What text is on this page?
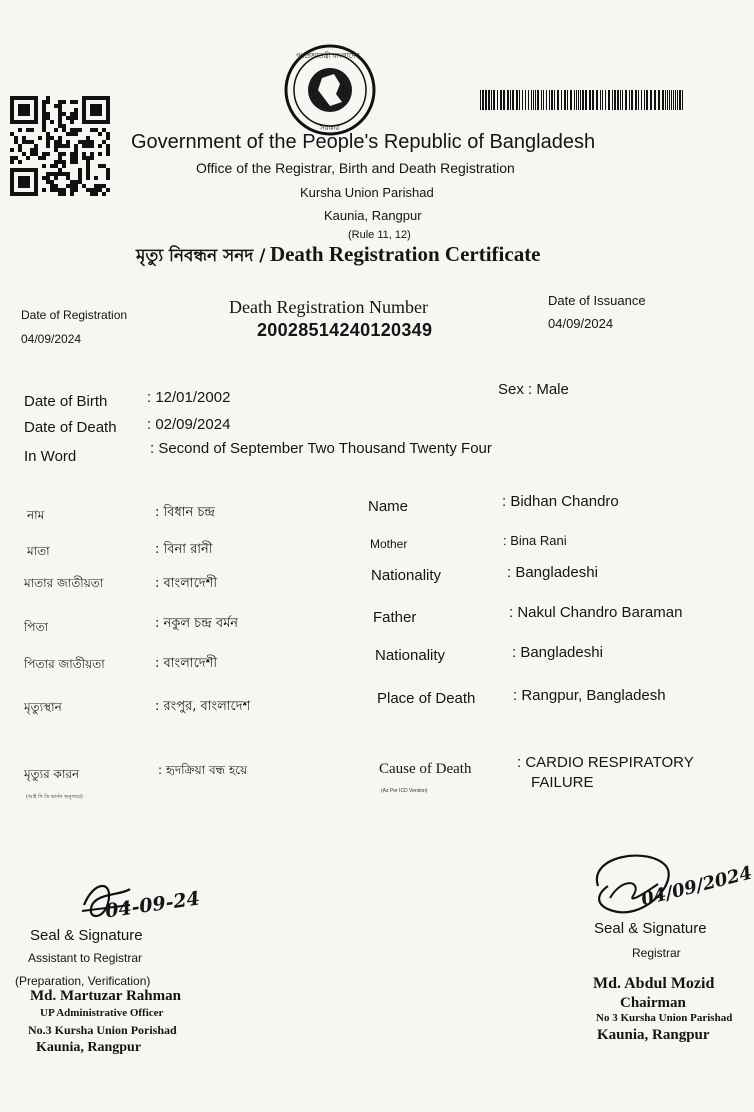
গণপ্রজাতন্ত্রী বাংলাদেশ
সরকার
Government of the People's Republic of Bangladesh
Office of the Registrar, Birth and Death Registration
Kursha Union Parishad
Kaunia, Rangpur
(Rule 11, 12)
মৃত্যু নিবন্ধন সনদ / Death Registration Certificate
Date of Registration
04/09/2024
Death Registration Number
20028514240120349
Date of Issuance
04/09/2024
Date of Birth	: 12/01/2002
Date of Death : 02/09/2024
In Word	: Second of September Two Thousand Twenty Four
Sex : Male
নাম	: বিধান চন্দ্র
মাতা	: বিনা রানী
মাতার জাতীয়তা	: বাংলাদেশী
পিতা	: নকুল চন্দ্র বর্মন
পিতার জাতীয়তা	: বাংলাদেশী
মৃত্যুস্থান	: রংপুর, বাংলাদেশ
মৃত্যুর কারন	: হৃদক্রিয়া বন্ধ হয়ে
(আই সি ডি ভার্সন অনুসারে)
Name	: Bidhan Chandro
Mother	: Bina Rani
Nationality	: Bangladeshi
Father	: Nakul Chandro Baraman
Nationality	: Bangladeshi
Place of Death	: Rangpur, Bangladesh
Cause of Death
(As Per ICD Version)
: CARDIO RESPIRATORY
FAILURE
04-09-24
Seal & Signature
Assistant to Registrar
(Preparation, Verification)
Md. Martuzar Rahman
UP Administrative Officer
No.3 Kursha Union Porishad
Kaunia, Rangpur
04/09/2024
Seal & Signature
Registrar
Md. Abdul Mozid
Chairman
No 3 Kursha Union Parishad
Kaunia, Rangpur
